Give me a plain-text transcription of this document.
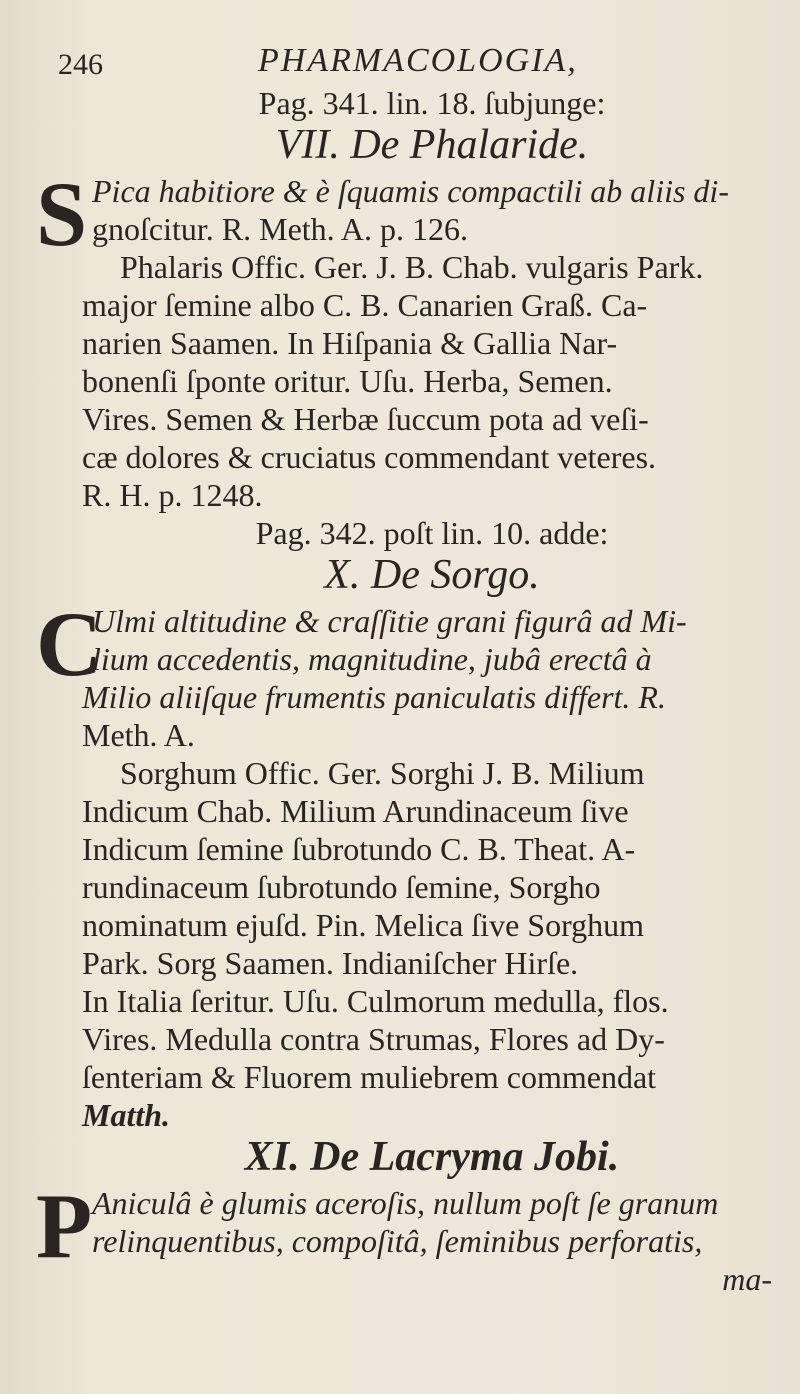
246	PHARMACOLOGIA,
Pag. 341. lin. 18. ſubjunge:
VII. De Phalaride.
S Pica habitiore & è ſquamis compactili ab aliis di-
gnoſcitur. R. Meth. A. p. 126.
Phalaris Offic. Ger. J. B. Chab. vulgaris Park.
major ſemine albo C. B. Canarien Graß. Ca-
narien Saamen. In Hiſpania & Gallia Nar-
bonenſi ſponte oritur. Uſu. Herba, Semen.
Vires. Semen & Herbæ ſuccum pota ad veſi-
cæ dolores & cruciatus commendant veteres.
R. H. p. 1248.
Pag. 342. poſt lin. 10. adde:
X. De Sorgo.
C
Ulmi altitudine & craſſitie grani figurâ ad Mi-
lium accedentis, magnitudine, jubâ erectâ à
Milio aliiſque frumentis paniculatis differt. R.
Meth. A.
Sorghum Offic. Ger. Sorghi J. B. Milium
Indicum Chab. Milium Arundinaceum ſive
Indicum ſemine ſubrotundo C. B. Theat. A-
rundinaceum ſubrotundo ſemine, Sorgho
nominatum ejuſd. Pin. Melica ſive Sorghum
Park. Sorg Saamen. Indianiſcher Hirſe.
In Italia ſeritur. Uſu. Culmorum medulla, flos.
Vires. Medulla contra Strumas, Flores ad Dy-
ſenteriam & Fluorem muliebrem commendat
Matth.
XI. De Lacryma Jobi.
P Aniculâ è glumis aceroſis, nullum poſt ſe granum
relinquentibus, compoſitâ, ſeminibus perforatis,
ma-
